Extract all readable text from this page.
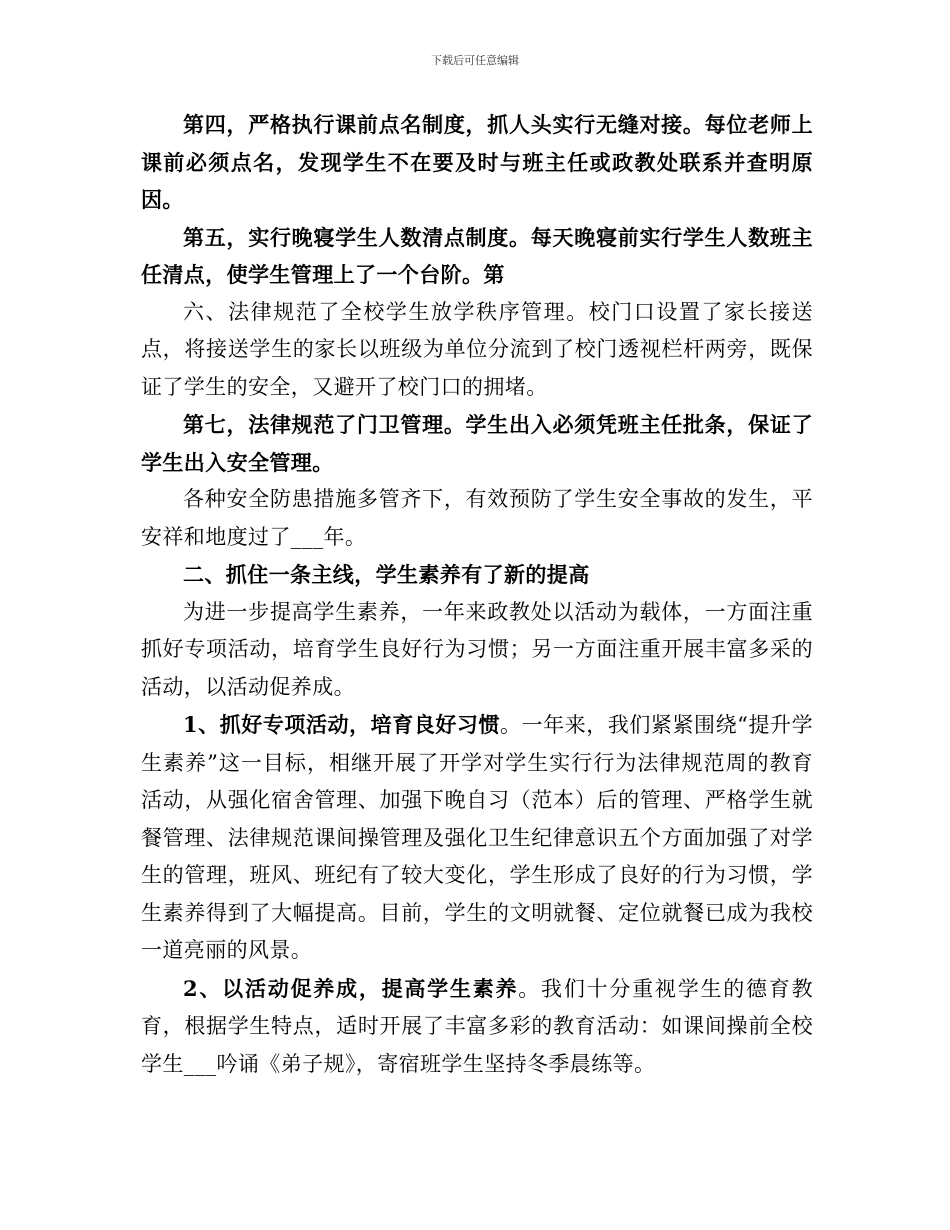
下载后可任意编辑

第四，严格执行课前点名制度，抓人头实行无缝对接。每位老师上课前必须点名，发现学生不在要及时与班主任或政教处联系并查明原因。

第五，实行晚寝学生人数清点制度。每天晚寝前实行学生人数班主任清点，使学生管理上了一个台阶。第

六、法律规范了全校学生放学秩序管理。校门口设置了家长接送点，将接送学生的家长以班级为单位分流到了校门透视栏杆两旁，既保证了学生的安全，又避开了校门口的拥堵。

第七，法律规范了门卫管理。学生出入必须凭班主任批条，保证了学生出入安全管理。

各种安全防患措施多管齐下，有效预防了学生安全事故的发生，平安祥和地度过了___年。

二、抓住一条主线，学生素养有了新的提高

为进一步提高学生素养，一年来政教处以活动为载体，一方面注重抓好专项活动，培育学生良好行为习惯；另一方面注重开展丰富多采的活动，以活动促养成。

1、抓好专项活动，培育良好习惯。一年来，我们紧紧围绕“提升学生素养”这一目标，相继开展了开学对学生实行行为法律规范周的教育活动，从强化宿舍管理、加强下晚自习（范本）后的管理、严格学生就餐管理、法律规范课间操管理及强化卫生纪律意识五个方面加强了对学生的管理，班风、班纪有了较大变化，学生形成了良好的行为习惯，学生素养得到了大幅提高。目前，学生的文明就餐、定位就餐已成为我校一道亮丽的风景。

2、以活动促养成，提高学生素养。我们十分重视学生的德育教育，根据学生特点，适时开展了丰富多彩的教育活动：如课间操前全校学生___吟诵《弟子规》，寄宿班学生坚持冬季晨练等。
